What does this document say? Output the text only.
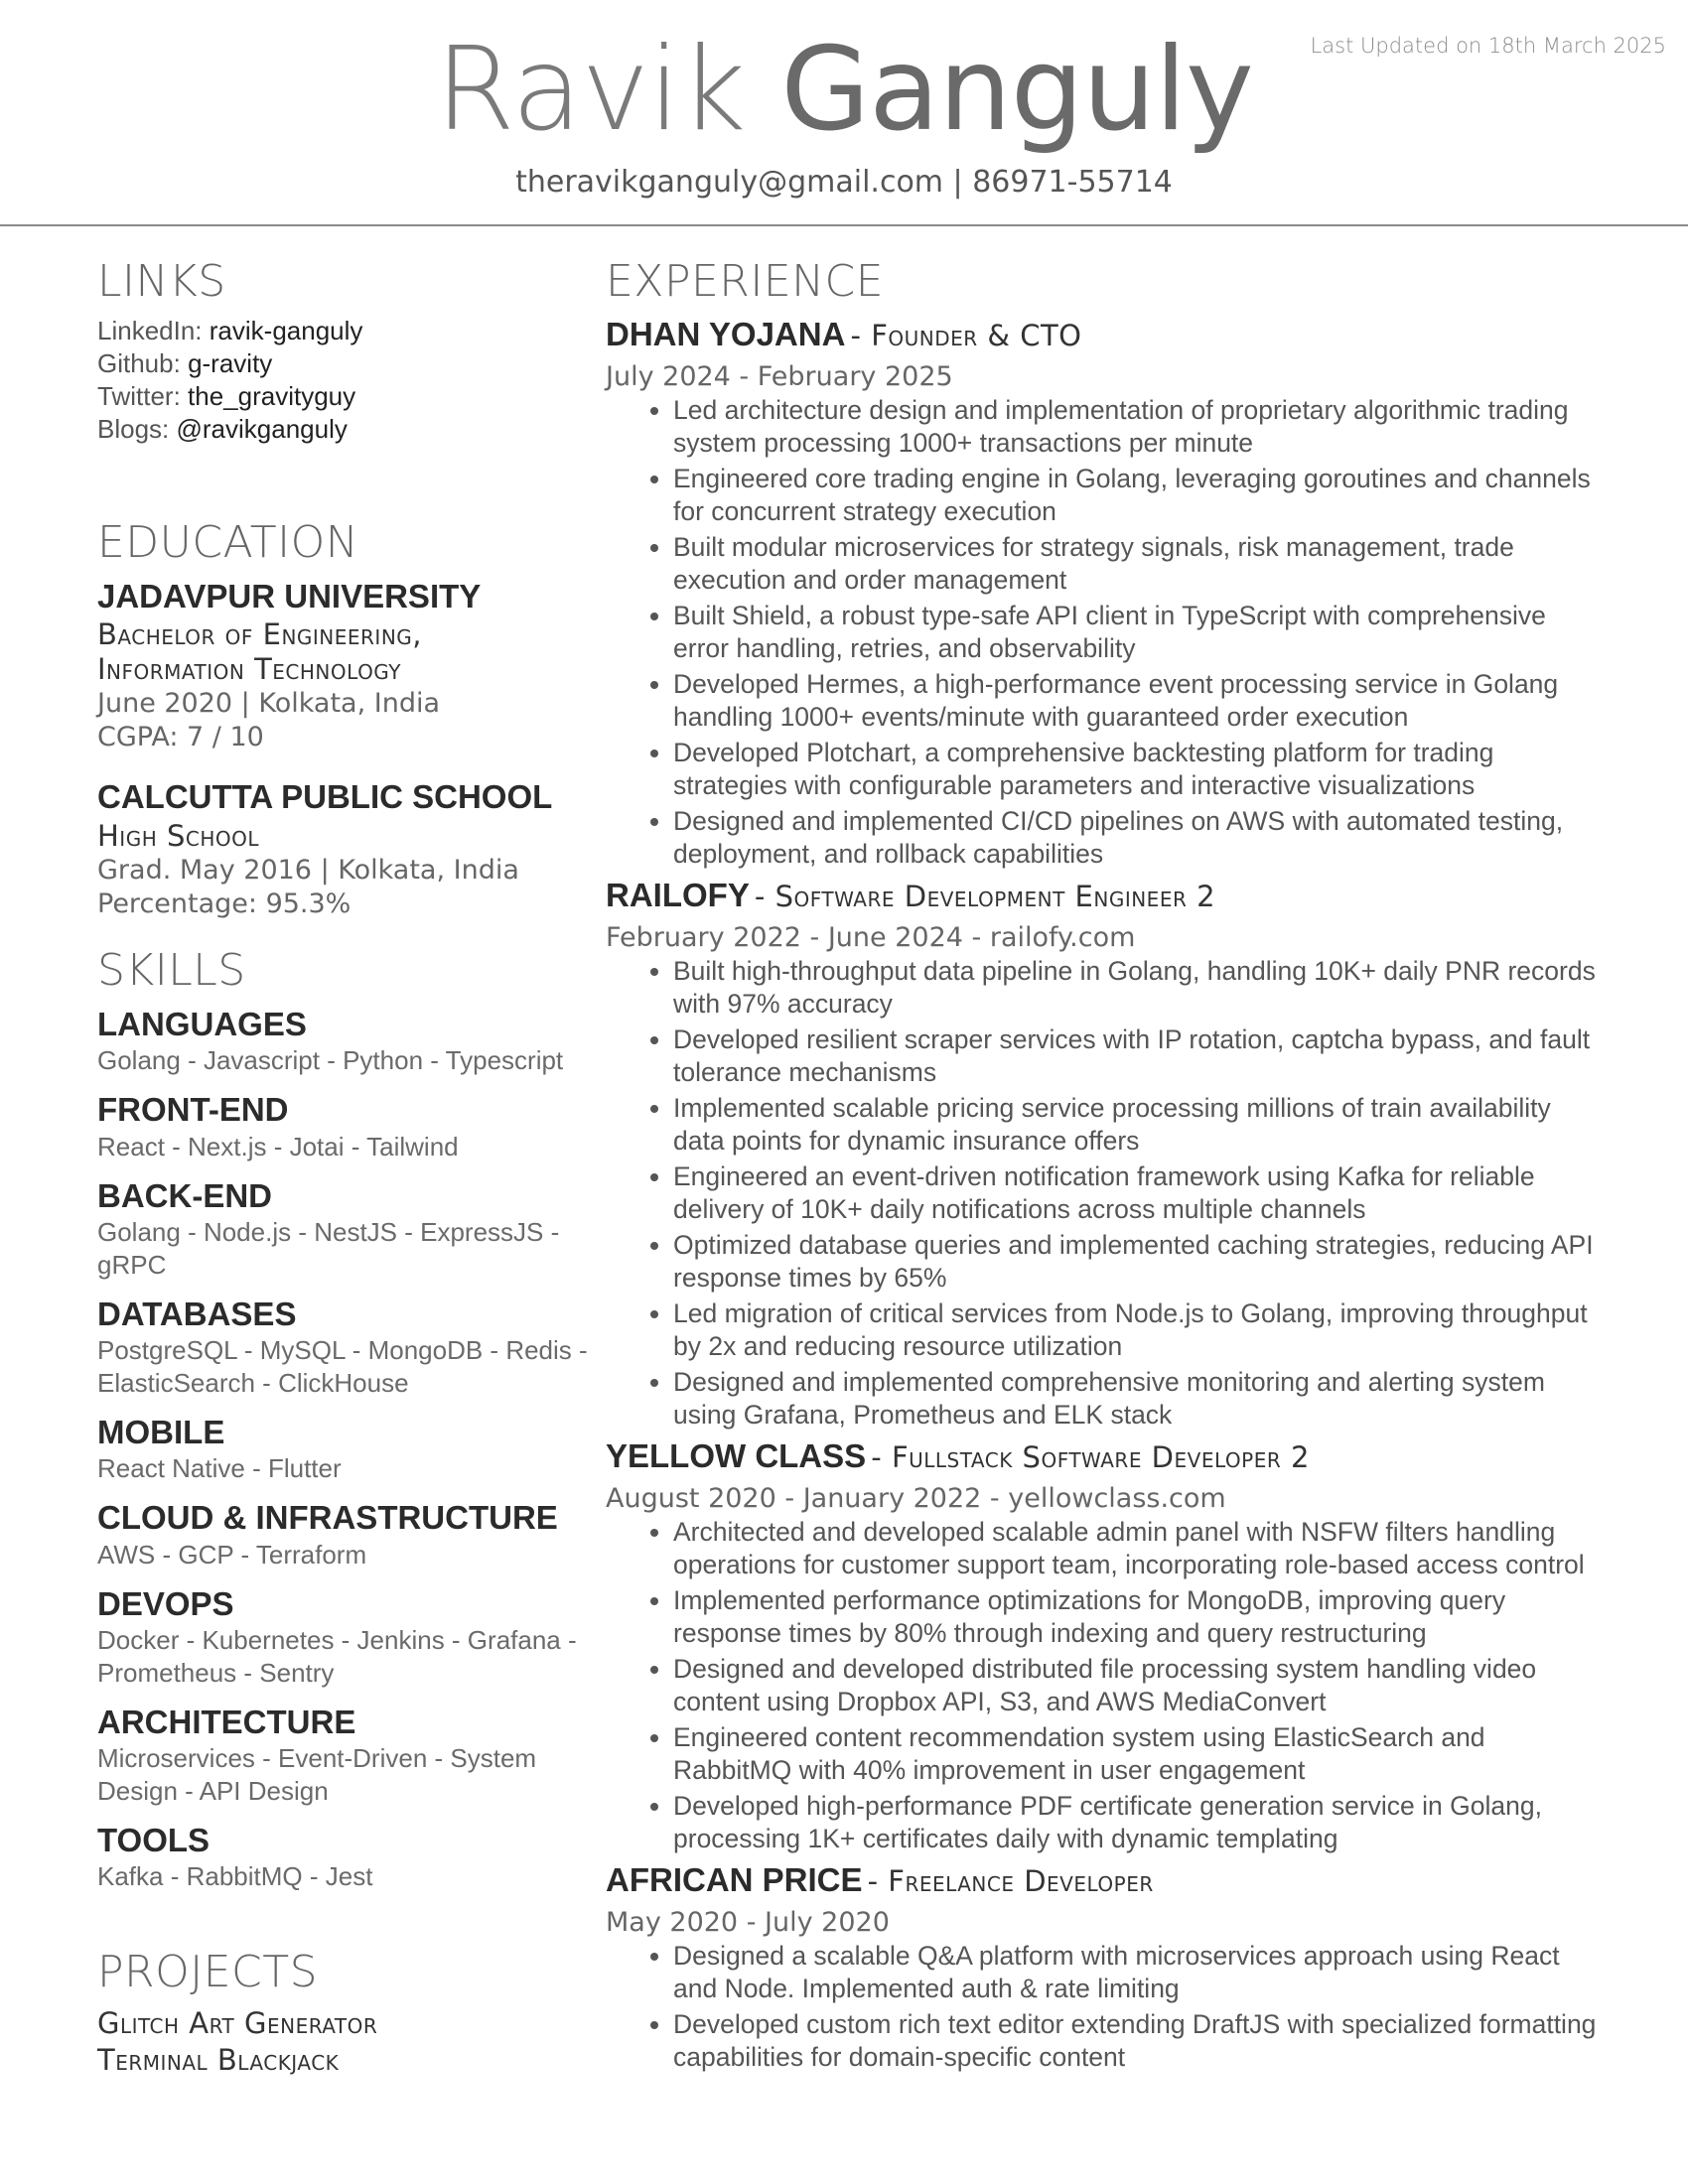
Last Updated on 18th March 2025
Ravik Ganguly
theravikganguly@gmail.com | 86971-55714
LINKS
LinkedIn: ravik-ganguly
Github: g-ravity
Twitter: the_gravityguy
Blogs: @ravikganguly
EDUCATION
JADAVPUR UNIVERSITY
Bachelor of Engineering,
Information Technology
June 2020 | Kolkata, India
CGPA: 7 / 10
CALCUTTA PUBLIC SCHOOL
High School
Grad. May 2016 | Kolkata, India
Percentage: 95.3%
SKILLS
LANGUAGES
Golang - Javascript - Python - Typescript
FRONT-END
React - Next.js - Jotai - Tailwind
BACK-END
Golang - Node.js - NestJS - ExpressJS - gRPC
DATABASES
PostgreSQL - MySQL - MongoDB - Redis - ElasticSearch - ClickHouse
MOBILE
React Native - Flutter
CLOUD & INFRASTRUCTURE
AWS - GCP - Terraform
DEVOPS
Docker - Kubernetes - Jenkins - Grafana - Prometheus - Sentry
ARCHITECTURE
Microservices - Event-Driven - System Design - API Design
TOOLS
Kafka - RabbitMQ - Jest
PROJECTS
Glitch Art Generator
Terminal Blackjack
EXPERIENCE
DHAN YOJANA - Founder & CTO
July 2024 - February 2025
• Led architecture design and implementation of proprietary algorithmic trading system processing 1000+ transactions per minute
• Engineered core trading engine in Golang, leveraging goroutines and channels for concurrent strategy execution
• Built modular microservices for strategy signals, risk management, trade execution and order management
• Built Shield, a robust type-safe API client in TypeScript with comprehensive error handling, retries, and observability
• Developed Hermes, a high-performance event processing service in Golang handling 1000+ events/minute with guaranteed order execution
• Developed Plotchart, a comprehensive backtesting platform for trading strategies with configurable parameters and interactive visualizations
• Designed and implemented CI/CD pipelines on AWS with automated testing, deployment, and rollback capabilities
RAILOFY - Software Development Engineer 2
February 2022 - June 2024 - railofy.com
• Built high-throughput data pipeline in Golang, handling 10K+ daily PNR records with 97% accuracy
• Developed resilient scraper services with IP rotation, captcha bypass, and fault tolerance mechanisms
• Implemented scalable pricing service processing millions of train availability data points for dynamic insurance offers
• Engineered an event-driven notification framework using Kafka for reliable delivery of 10K+ daily notifications across multiple channels
• Optimized database queries and implemented caching strategies, reducing API response times by 65%
• Led migration of critical services from Node.js to Golang, improving throughput by 2x and reducing resource utilization
• Designed and implemented comprehensive monitoring and alerting system using Grafana, Prometheus and ELK stack
YELLOW CLASS - Fullstack Software Developer 2
August 2020 - January 2022 - yellowclass.com
• Architected and developed scalable admin panel with NSFW filters handling operations for customer support team, incorporating role-based access control
• Implemented performance optimizations for MongoDB, improving query response times by 80% through indexing and query restructuring
• Designed and developed distributed file processing system handling video content using Dropbox API, S3, and AWS MediaConvert
• Engineered content recommendation system using ElasticSearch and RabbitMQ with 40% improvement in user engagement
• Developed high-performance PDF certificate generation service in Golang, processing 1K+ certificates daily with dynamic templating
AFRICAN PRICE - Freelance Developer
May 2020 - July 2020
• Designed a scalable Q&A platform with microservices approach using React and Node. Implemented auth & rate limiting
• Developed custom rich text editor extending DraftJS with specialized formatting capabilities for domain-specific content
